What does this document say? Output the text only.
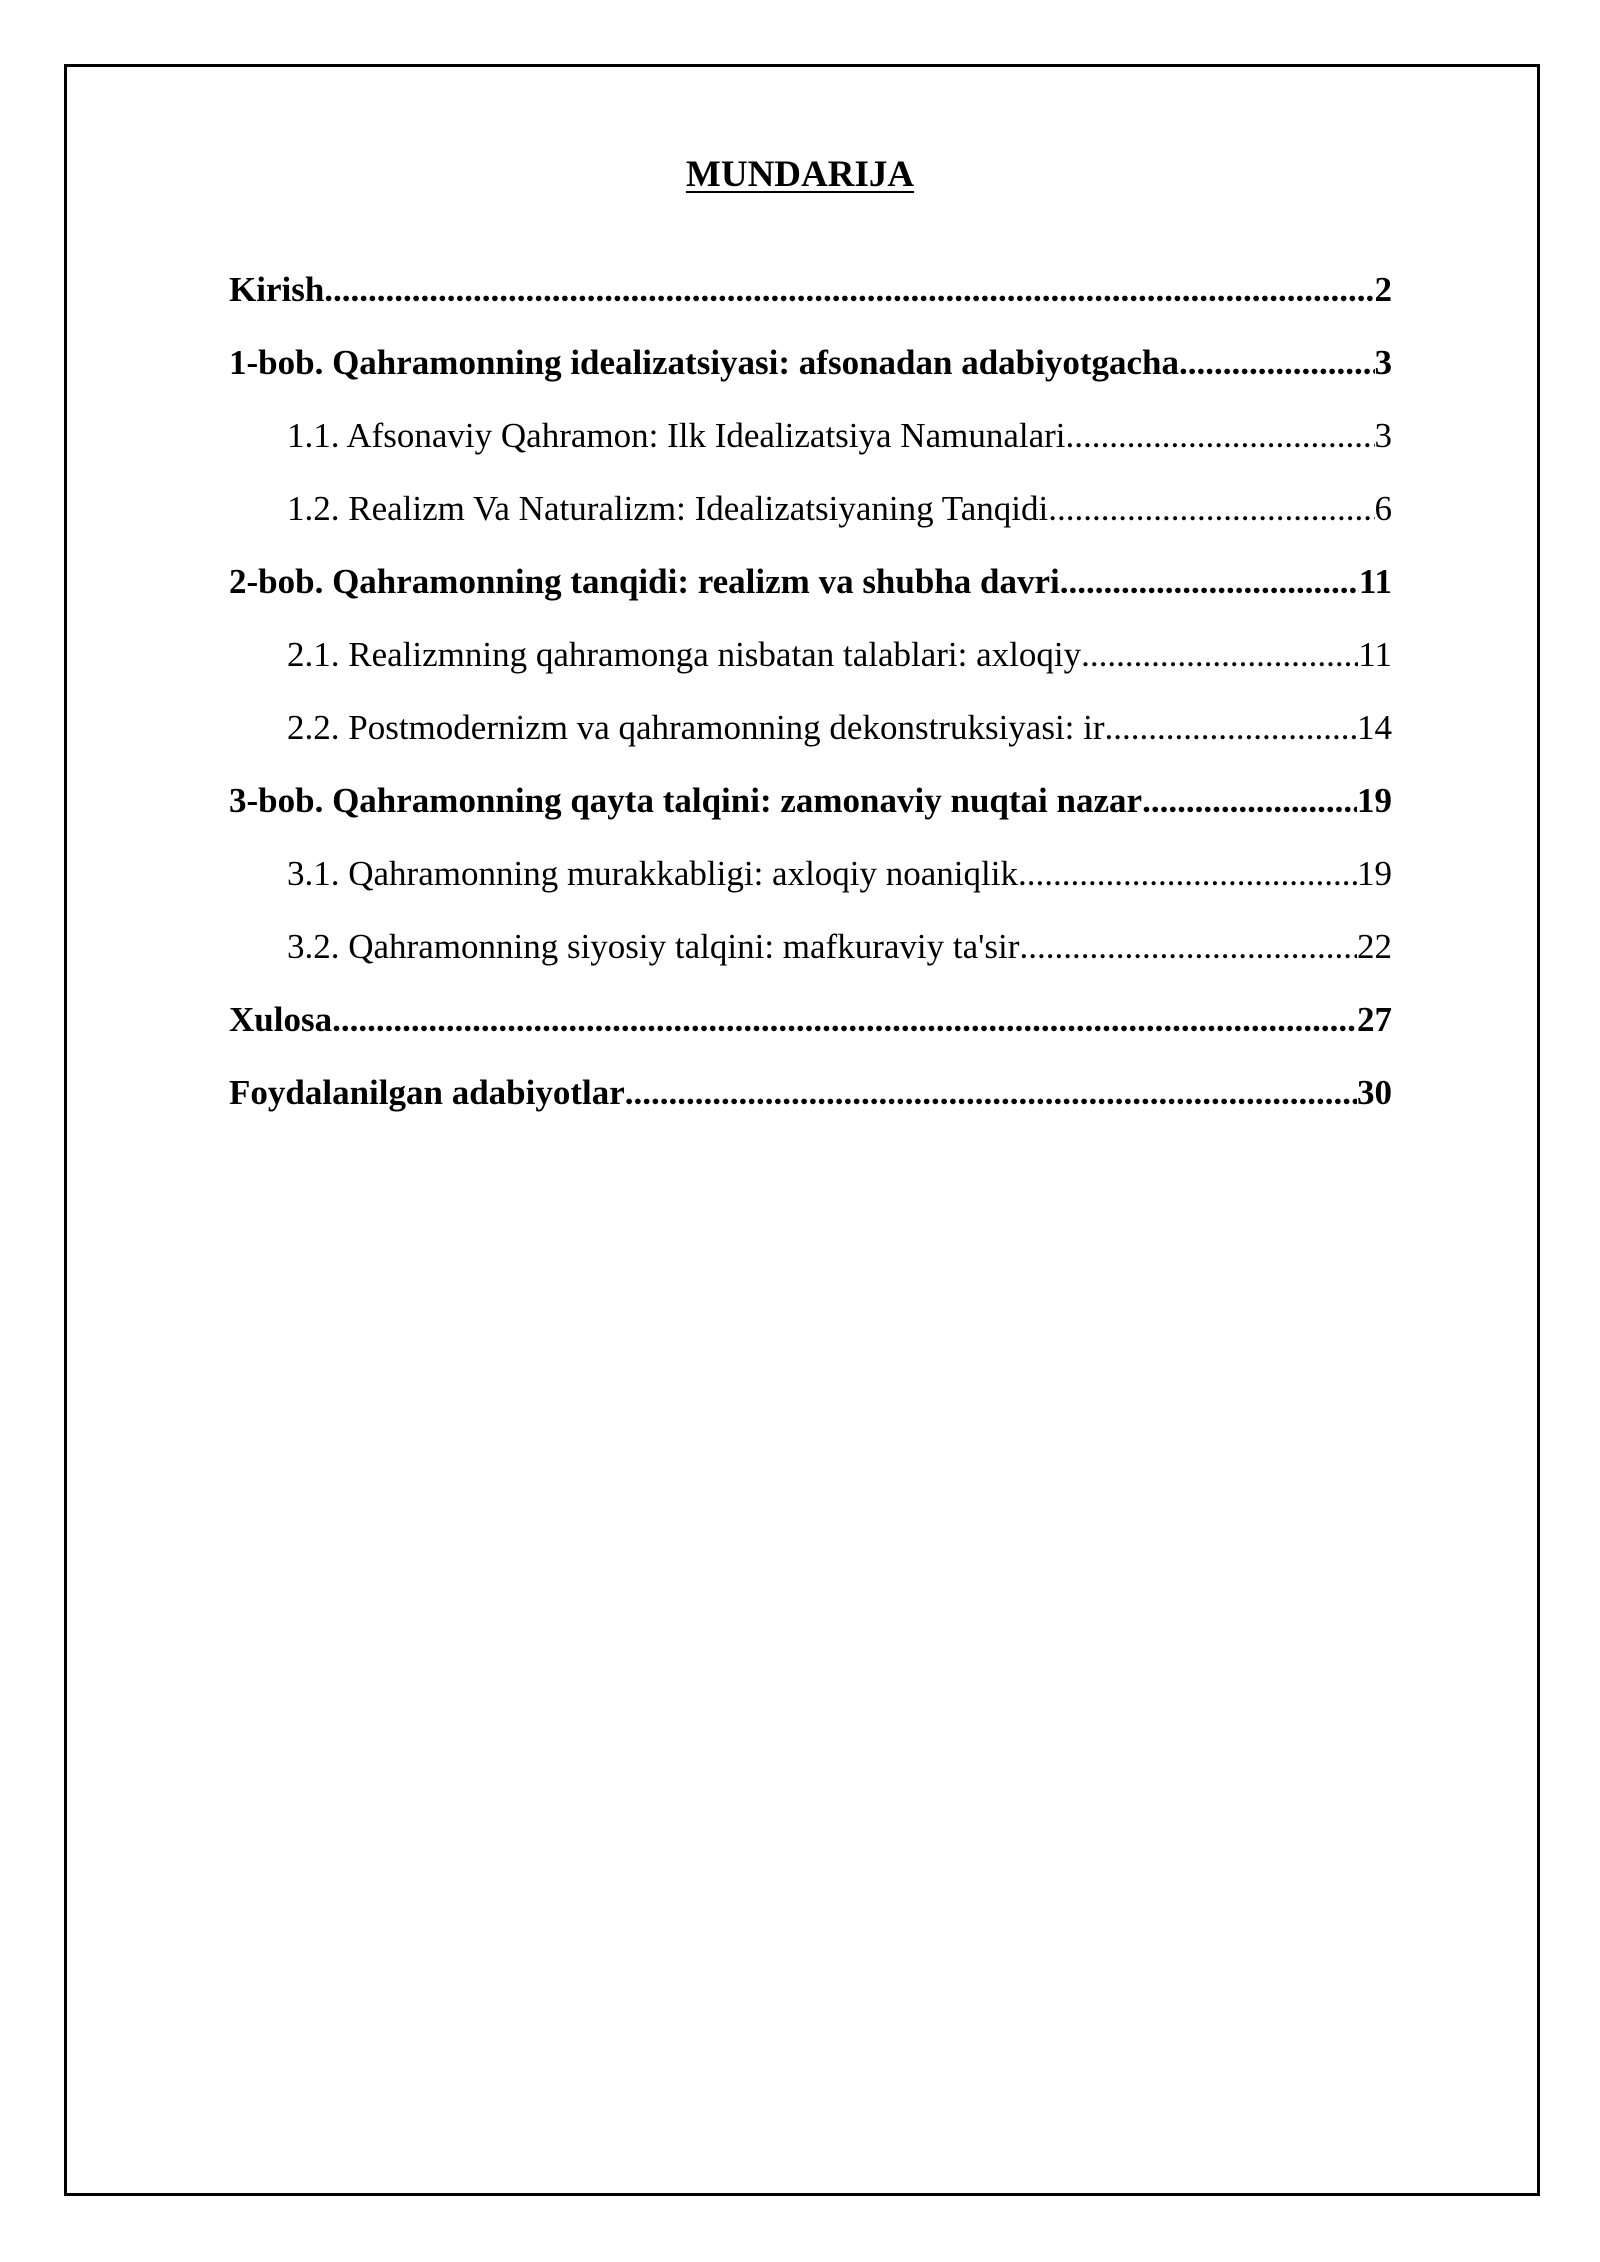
MUNDARIJA
Kirish .....	2
1-bob. Qahramonning idealizatsiyasi: afsonadan adabiyotgacha .....	3
1.1. Afsonaviy Qahramon: Ilk Idealizatsiya Namunalari .....	3
1.2. Realizm Va Naturalizm: Idealizatsiyaning Tanqidi .....	6
2-bob. Qahramonning tanqidi: realizm va shubha davri .....	11
2.1. Realizmning qahramonga nisbatan talablari: axloqiy .....	11
2.2. Postmodernizm va qahramonning dekonstruksiyasi: ir .....	14
3-bob. Qahramonning qayta talqini: zamonaviy nuqtai nazar .....	19
3.1. Qahramonning murakkabligi: axloqiy noaniqlik .....	19
3.2. Qahramonning siyosiy talqini: mafkuraviy ta'sir .....	22
Xulosa .....	27
Foydalanilgan adabiyotlar .....	30
